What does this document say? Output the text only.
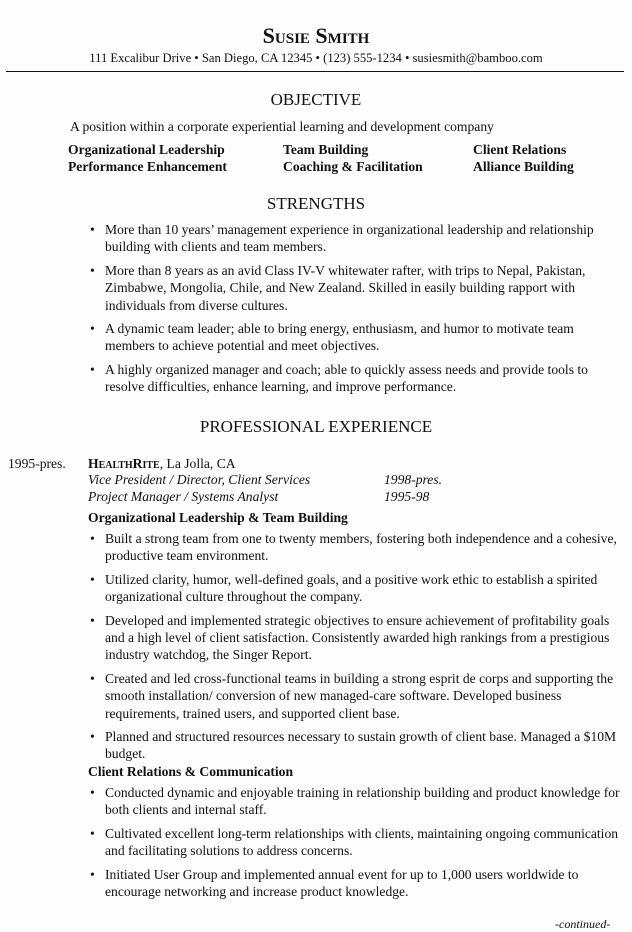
Susie Smith
111 Excalibur Drive • San Diego, CA 12345 • (123) 555-1234 • susiesmith@bamboo.com
OBJECTIVE
A position within a corporate experiential learning and development company
Organizational Leadership	Team Building	Client Relations
Performance Enhancement	Coaching & Facilitation	Alliance Building
STRENGTHS
• More than 10 years’ management experience in organizational leadership and relationship building with clients and team members.
• More than 8 years as an avid Class IV-V whitewater rafter, with trips to Nepal, Pakistan, Zimbabwe, Mongolia, Chile, and New Zealand. Skilled in easily building rapport with individuals from diverse cultures.
• A dynamic team leader; able to bring energy, enthusiasm, and humor to motivate team members to achieve potential and meet objectives.
• A highly organized manager and coach; able to quickly assess needs and provide tools to resolve difficulties, enhance learning, and improve performance.
PROFESSIONAL EXPERIENCE
1995-pres. HealthRite, La Jolla, CA
Vice President / Director, Client Services	1998-pres.
Project Manager / Systems Analyst	1995-98
Organizational Leadership & Team Building
Client Relations & Communication
• Built a strong team from one to twenty members, fostering both independence and a cohesive, productive team environment.
• Utilized clarity, humor, well-defined goals, and a positive work ethic to establish a spirited organizational culture throughout the company.
• Developed and implemented strategic objectives to ensure achievement of profitability goals and a high level of client satisfaction. Consistently awarded high rankings from a prestigious industry watchdog, the Singer Report.
• Created and led cross-functional teams in building a strong esprit de corps and supporting the smooth installation/ conversion of new managed-care software. Developed business requirements, trained users, and supported client base.
• Planned and structured resources necessary to sustain growth of client base. Managed a $10M budget.
• Conducted dynamic and enjoyable training in relationship building and product knowledge for both clients and internal staff.
• Cultivated excellent long-term relationships with clients, maintaining ongoing communication and facilitating solutions to address concerns.
• Initiated User Group and implemented annual event for up to 1,000 users worldwide to encourage networking and increase product knowledge.
-continued-
